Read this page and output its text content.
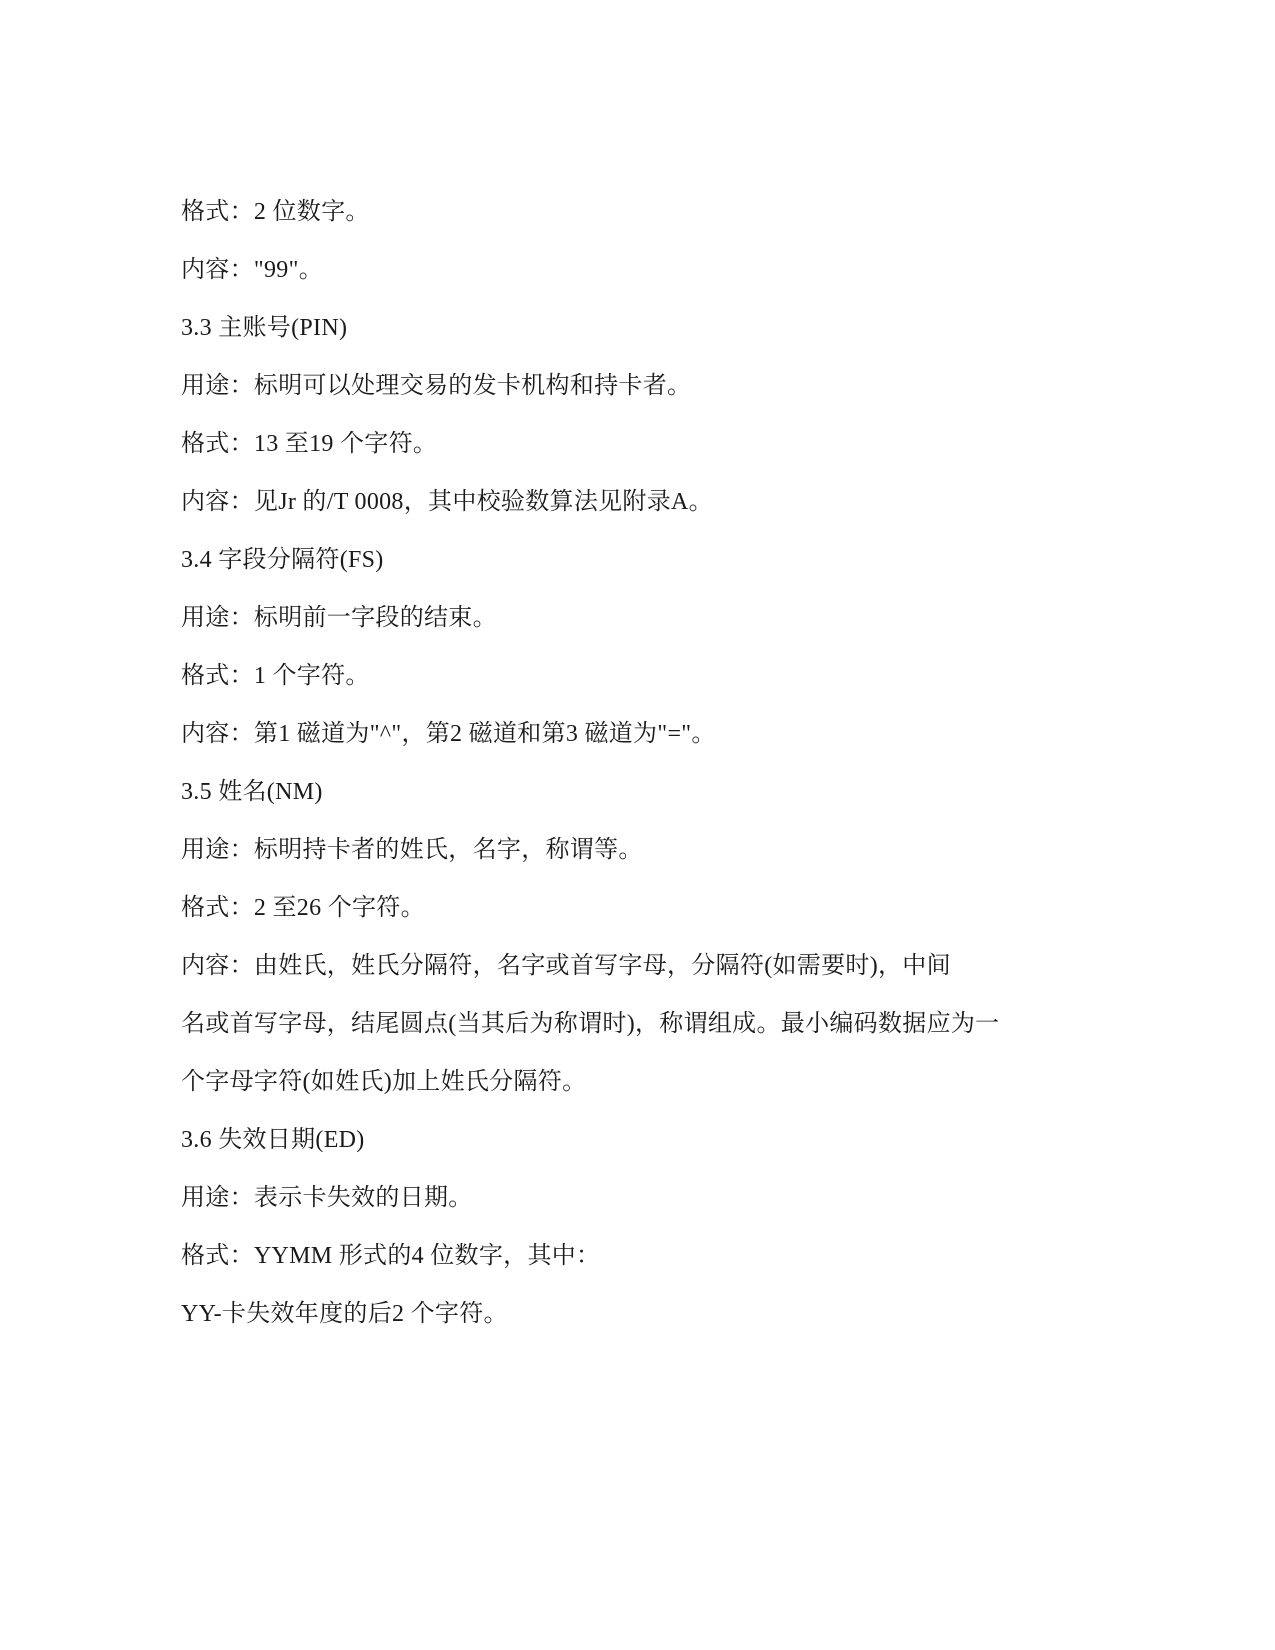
格式：2 位数字。
内容："99"。
3.3 主账号(PIN)
用途：标明可以处理交易的发卡机构和持卡者。
格式：13 至19 个字符。
内容：见Jr 的/T 0008，其中校验数算法见附录A。
3.4 字段分隔符(FS)
用途：标明前一字段的结束。
格式：1 个字符。
内容：第1 磁道为"^"，第2 磁道和第3 磁道为"="。
3.5 姓名(NM)
用途：标明持卡者的姓氏，名字，称谓等。
格式：2 至26 个字符。
内容：由姓氏，姓氏分隔符，名字或首写字母，分隔符(如需要时)，中间
名或首写字母，结尾圆点(当其后为称谓时)，称谓组成。最小编码数据应为一
个字母字符(如姓氏)加上姓氏分隔符。
3.6 失效日期(ED)
用途：表示卡失效的日期。
格式：YYMM 形式的4 位数字，其中：
YY-卡失效年度的后2 个字符。
